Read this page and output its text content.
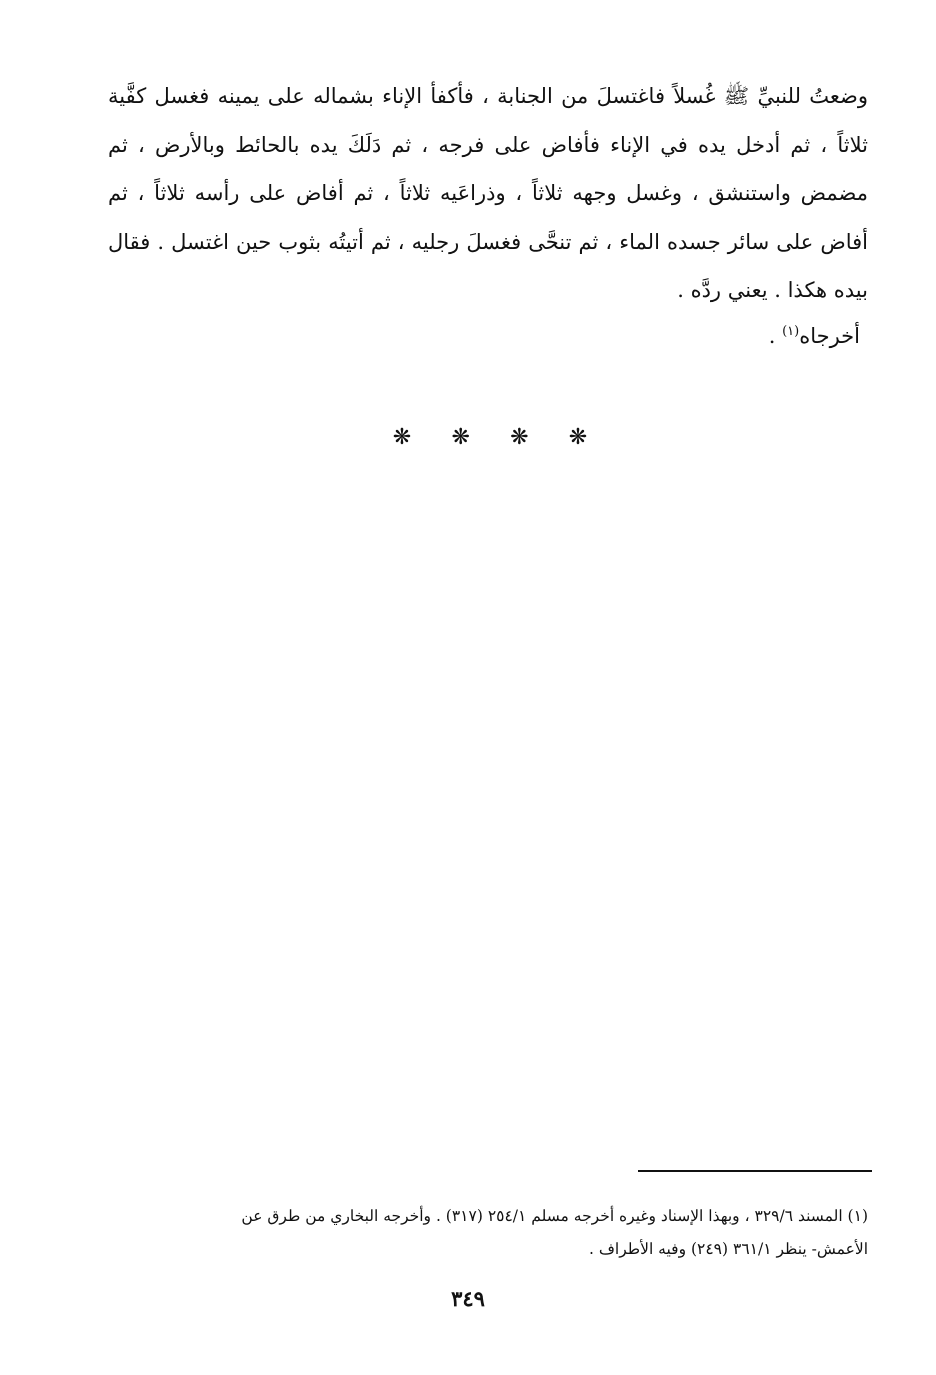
وضعتُ للنبيِّ ﷺ غُسلاً فاغتسلَ من الجنابة ، فأكفأ الإناء بشماله على يمينه فغسل كفَّية ثلاثاً ، ثم أدخل يده في الإناء فأفاض على فرجه ، ثم دَلَكَ يده بالحائط وبالأرض ، ثم مضمض واستنشق ، وغسل وجهه ثلاثاً ، وذراعَيه ثلاثاً ، ثم أفاض على رأسه ثلاثاً ، ثم أفاض على سائر جسده الماء ، ثم تنحَّى فغسلَ رجليه ، ثم أتيتُه بثوب حين اغتسل . فقال بيده هكذا . يعني ردَّه .

أخرجاه$^{(١)}$ .
❋ ❋ ❋ ❋

(١) المسند ٣٢٩/٦ ، وبهذا الإسناد وغيره أخرجه مسلم ٢٥٤/١ (٣١٧) . وأخرجه البخاري من طرق عن

الأعمش- ينظر ٣٦١/١ (٢٤٩) وفيه الأطراف .

٣٤٩
